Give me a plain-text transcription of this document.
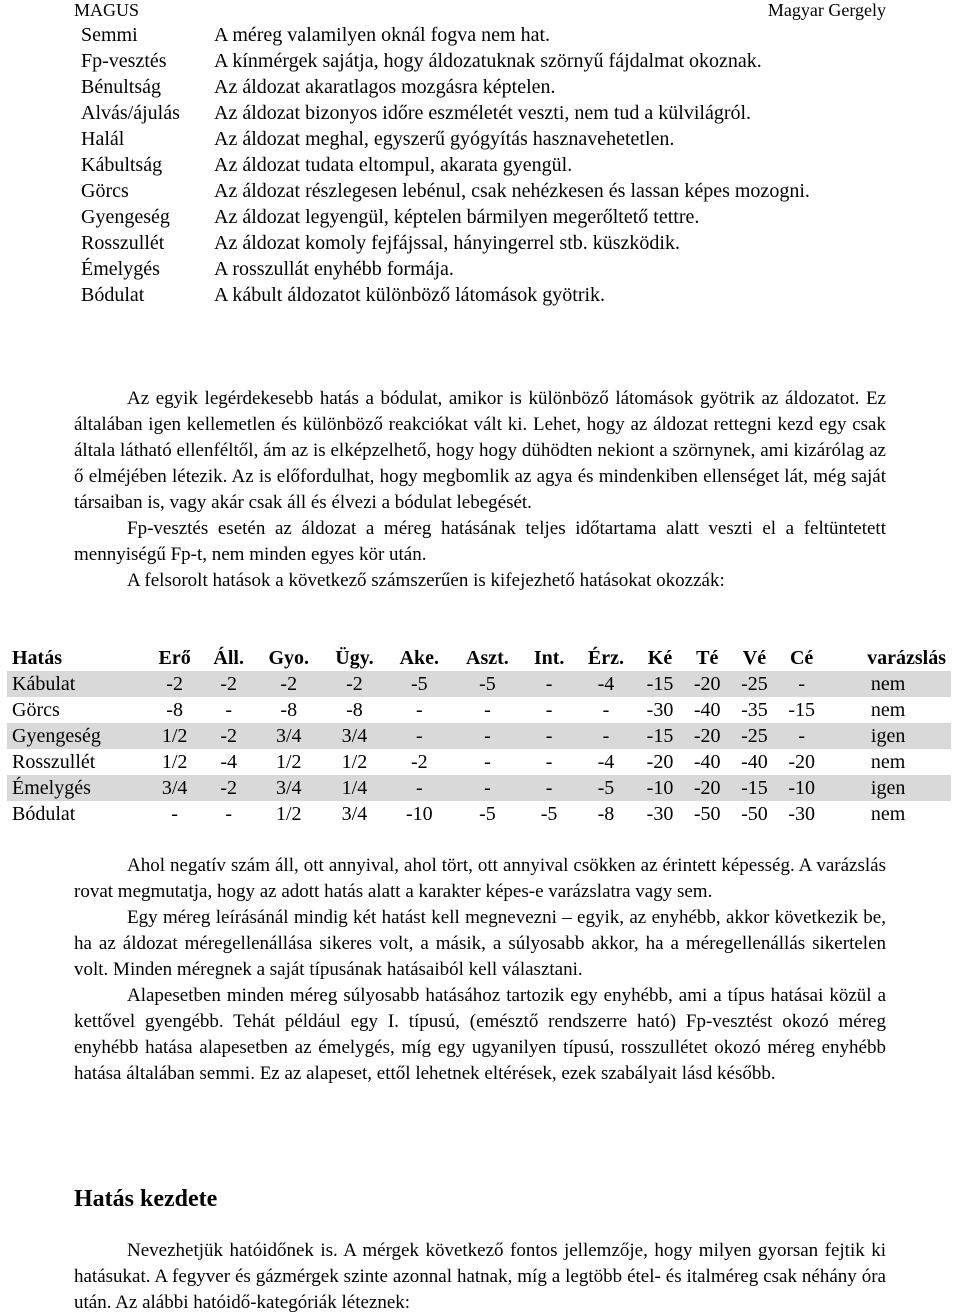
MAGUS	Magyar Gergely
Semmi	A méreg valamilyen oknál fogva nem hat.
Fp-vesztés A kínmérgek sajátja, hogy áldozatuknak szörnyű fájdalmat okoznak.
Bénultság	Az áldozat akaratlagos mozgásra képtelen.
Alvás/ájulás Az áldozat bizonyos időre eszméletét veszti, nem tud a külvilágról.
Halál	Az áldozat meghal, egyszerű gyógyítás hasznavehetetlen.
Kábultság	Az áldozat tudata eltompul, akarata gyengül.
Görcs	Az áldozat részlegesen lebénul, csak nehézkesen és lassan képes mozogni.
Gyengeség Az áldozat legyengül, képtelen bármilyen megerőltető tettre.
Rosszullét Az áldozat komoly fejfájssal, hányingerrel stb. küszködik.
Émelygés	A rosszullát enyhébb formája.
Bódulat	A kábult áldozatot különböző látomások gyötrik.

Az egyik legérdekesebb hatás a bódulat, amikor is különböző látomások gyötrik az áldozatot. Ez általában igen kellemetlen és különböző reakciókat vált ki. Lehet, hogy az áldozat rettegni kezd egy csak általa látható ellenféltől, ám az is elképzelhető, hogy hogy dühödten nekiont a szörnynek, ami kizárólag az ő elméjében létezik. Az is előfordulhat, hogy megbomlik az agya és mindenkiben ellenséget lát, még saját társaiban is, vagy akár csak áll és élvezi a bódulat lebegését.

Fp-vesztés esetén az áldozat a méreg hatásának teljes időtartama alatt veszti el a feltüntetett mennyiségű Fp-t, nem minden egyes kör után.

A felsorolt hatások a következő számszerűen is kifejezhető hatásokat okozzák:

Hatás	Erő	Áll.	Gyo.	Ügy.	Ake.	Aszt.	Int.	Érz.	Ké	Té	Vé	Cé	varázslás
Kábulat	-2	-2	-2	-2	-5	-5	-	-4	-15	-20	-25	-	nem
Görcs	-8	-	-8	-8	-	-	-	-	-30	-40	-35	-15	nem
Gyengeség	1/2	-2	3/4	3/4	-	-	-	-	-15	-20	-25	-	igen
Rosszullét	1/2	-4	1/2	1/2	-2	-	-	-4	-20	-40	-40	-20	nem
Émelygés	3/4	-2	3/4	1/4	-	-	-	-5	-10	-20	-15	-10	igen
Bódulat	-	-	1/2	3/4	-10	-5	-5	-8	-30	-50	-50	-30	nem

Ahol negatív szám áll, ott annyival, ahol tört, ott annyival csökken az érintett képesség. A varázslás rovat megmutatja, hogy az adott hatás alatt a karakter képes-e varázslatra vagy sem.

Egy méreg leírásánál mindig két hatást kell megnevezni – egyik, az enyhébb, akkor következik be, ha az áldozat méregellenállása sikeres volt, a másik, a súlyosabb akkor, ha a méregellenállás sikertelen volt. Minden méregnek a saját típusának hatásaiból kell választani.

Alapesetben minden méreg súlyosabb hatásához tartozik egy enyhébb, ami a típus hatásai közül a kettővel gyengébb. Tehát például egy I. típusú, (emésztő rendszerre ható) Fp-vesztést okozó méreg enyhébb hatása alapesetben az émelygés, míg egy ugyanilyen típusú, rosszullétet okozó méreg enyhébb hatása általában semmi. Ez az alapeset, ettől lehetnek eltérések, ezek szabályait lásd később.

Hatás kezdete

Nevezhetjük hatóidőnek is. A mérgek következő fontos jellemzője, hogy milyen gyorsan fejtik ki hatásukat. A fegyver és gázmérgek szinte azonnal hatnak, míg a legtöbb étel- és italméreg csak néhány óra után. Az alábbi hatóidő-kategóriák léteznek:
